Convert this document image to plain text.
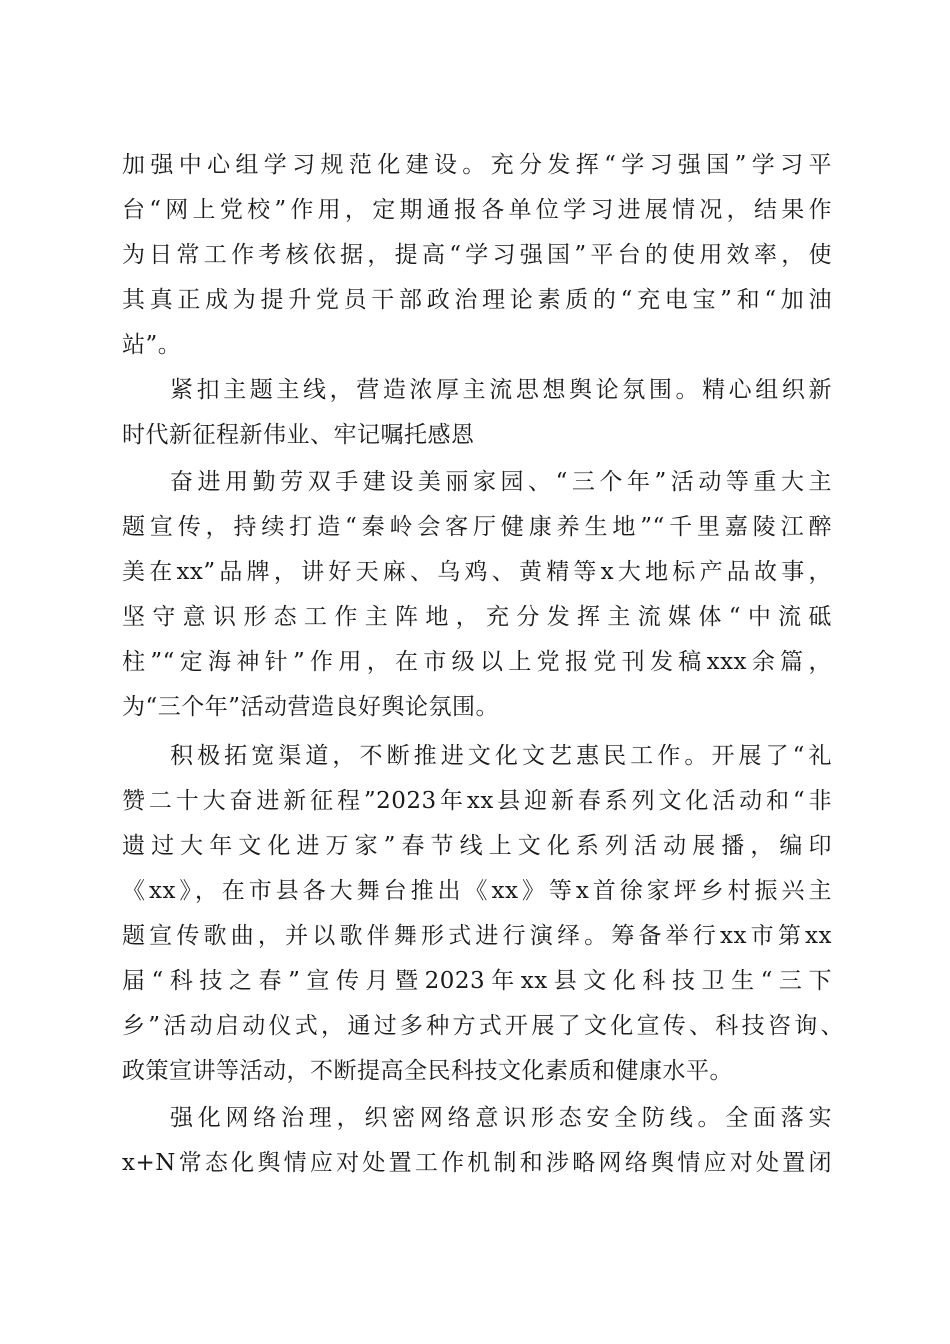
加强中心组学习规范化建设。充分发挥“学习强国”学习平
台“网上党校”作用，定期通报各单位学习进展情况，结果作
为日常工作考核依据，提高“学习强国”平台的使用效率，使
其真正成为提升党员干部政治理论素质的“充电宝”和“加油
站”。
紧扣主题主线，营造浓厚主流思想舆论氛围。精心组织新
时代新征程新伟业、牢记嘱托感恩
奋进用勤劳双手建设美丽家园、“三个年”活动等重大主
题宣传，持续打造“秦岭会客厅健康养生地”“千里嘉陵江醉
美在xx”品牌，讲好天麻、乌鸡、黄精等x大地标产品故事，
坚守意识形态工作主阵地，充分发挥主流媒体“中流砥
柱”“定海神针”作用，在市级以上党报党刊发稿xxx余篇，
为“三个年”活动营造良好舆论氛围。
积极拓宽渠道，不断推进文化文艺惠民工作。开展了“礼
赞二十大奋进新征程”2023年xx县迎新春系列文化活动和“非
遗过大年文化进万家”春节线上文化系列活动展播，编印
《xx》，在市县各大舞台推出《xx》等x首徐家坪乡村振兴主
题宣传歌曲，并以歌伴舞形式进行演绎。筹备举行xx市第xx
届“科技之春”宣传月暨2023年xx县文化科技卫生“三下
乡”活动启动仪式，通过多种方式开展了文化宣传、科技咨询、
政策宣讲等活动，不断提高全民科技文化素质和健康水平。
强化网络治理，织密网络意识形态安全防线。全面落实
x+N常态化舆情应对处置工作机制和涉略网络舆情应对处置闭
